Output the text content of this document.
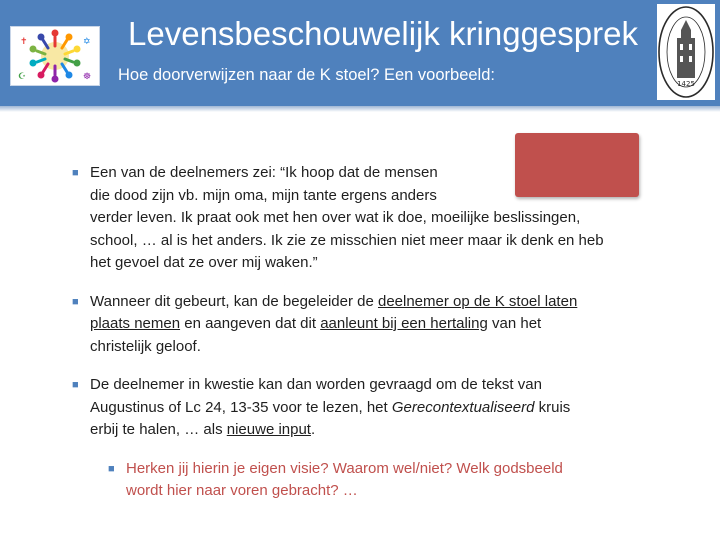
✝	✡
☪	☸
Levensbeschouwelijk kringgesprek
Hoe doorverwijzen naar de K stoel? Een voorbeeld:	1425
■ Een van de deelnemers zei: “Ik hoop dat de mensen
die dood zijn vb. mijn oma, mijn tante ergens anders
verder leven. Ik praat ook met hen over wat ik doe, moeilijke beslissingen,
school, … al is het anders. Ik zie ze misschien niet meer maar ik denk en heb
het gevoel dat ze over mij waken.”
■ Wanneer dit gebeurt, kan de begeleider de deelnemer op de K stoel laten
plaats nemen en aangeven dat dit aanleunt bij een hertaling van het
christelijk geloof.
■ De deelnemer in kwestie kan dan worden gevraagd om de tekst van
Augustinus of Lc 24, 13-35 voor te lezen, het Gerecontextualiseerd kruis
erbij te halen, … als nieuwe input.
■ Herken jij hierin je eigen visie? Waarom wel/niet? Welk godsbeeld
wordt hier naar voren gebracht? …
